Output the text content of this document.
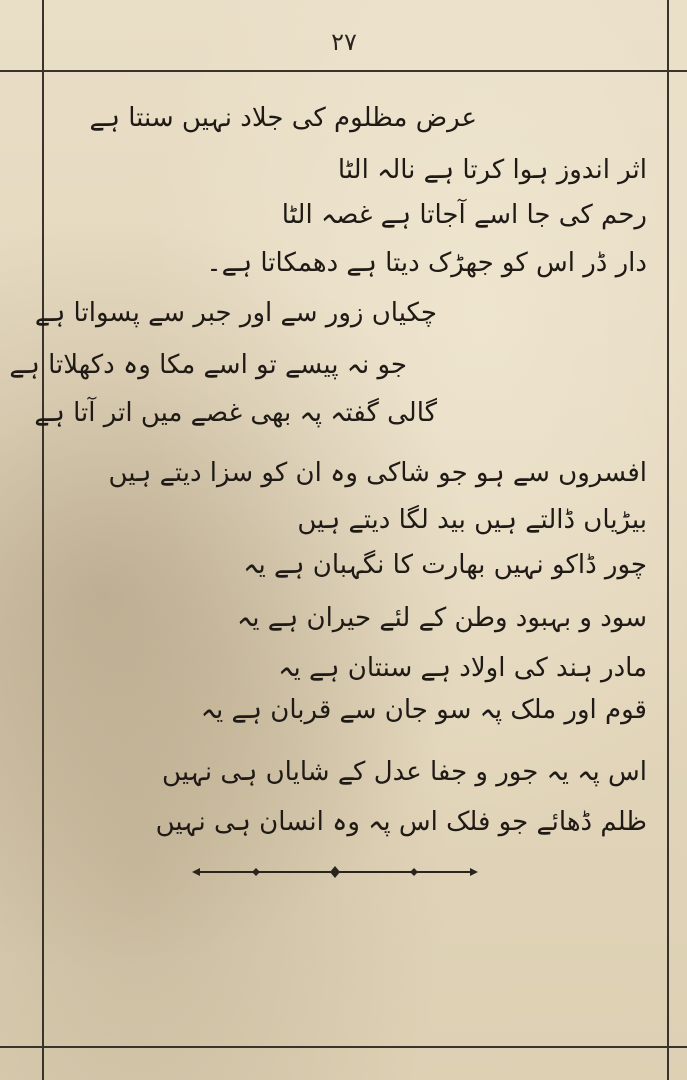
۲۷
عرض مظلوم کی جلاد نہیں سنتا ہے
اثر اندوز ہوا کرتا ہے نالہ الٹا
رحم کی جا اسے آجاتا ہے غصہ الٹا
دار ڈر اس کو جھڑک دیتا ہے دھمکاتا ہے۔
چکیاں زور سے اور جبر سے پسواتا ہے
جو نہ پیسے تو اسے مکا وہ دکھلاتا ہے
گالی گفتہ پہ بھی غصے میں اتر آتا ہے
افسروں سے ہو جو شاکی وہ ان کو سزا دیتے ہیں
بیڑیاں ڈالتے ہیں بید لگا دیتے ہیں
چور ڈاکو نہیں بھارت کا نگہبان ہے یہ
سود و بہبود وطن کے لئے حیران ہے یہ
مادر ہند کی اولاد ہے سنتان ہے یہ
قوم اور ملک پہ سو جان سے قربان ہے یہ
اس پہ یہ جور و جفا عدل کے شایاں ہی نہیں
ظلم ڈھائے جو فلک اس پہ وہ انسان ہی نہیں
